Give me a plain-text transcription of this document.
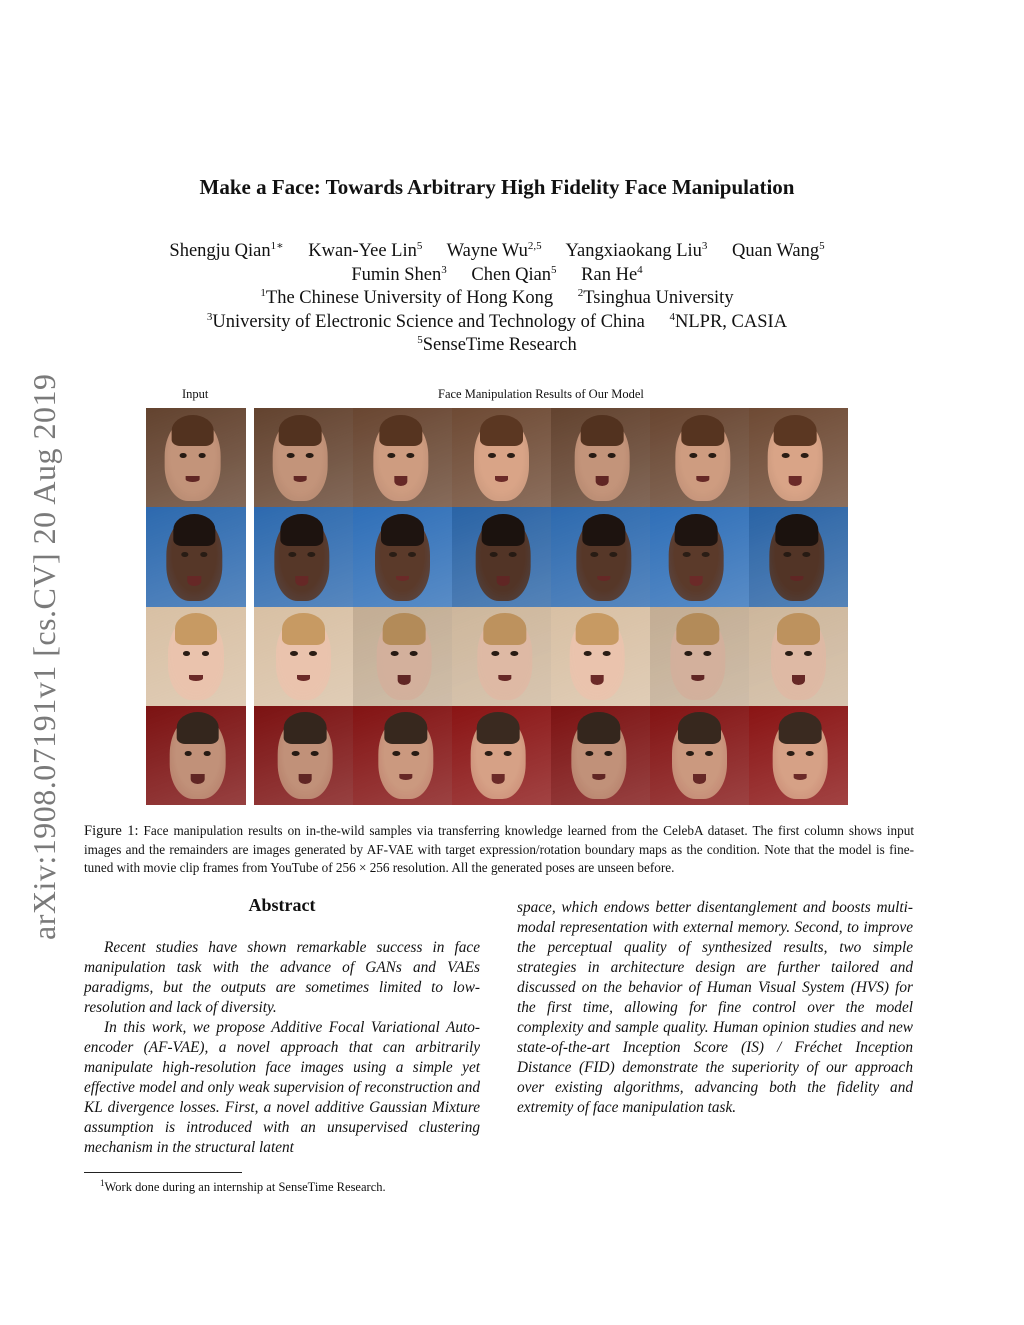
arXiv:1908.07191v1 [cs.CV] 20 Aug 2019
Make a Face: Towards Arbitrary High Fidelity Face Manipulation
Shengju Qian$^{1∗}$ Kwan-Yee Lin$^5$ Wayne Wu$^{2,5}$ Yangxiaokang Liu$^3$ Quan Wang$^5$
Fumin Shen$^3$ Chen Qian$^5$ Ran He$^4$
$^1$The Chinese University of Hong Kong $^2$Tsinghua University
$^3$University of Electronic Science and Technology of China $^4$NLPR, CASIA
$^5$SenseTime Research
Input	Face Manipulation Results of Our Model
Figure 1: Face manipulation results on in-the-wild samples via transferring knowledge learned from the CelebA dataset. The first column shows input images and the remainders are images generated by AF-VAE with target expression/rotation boundary maps as the condition. Note that the model is fine-tuned with movie clip frames from YouTube of 256 × 256 resolution. All the generated poses are unseen before.
Abstract

Recent studies have shown remarkable success in face manipulation task with the advance of GANs and VAEs paradigms, but the outputs are sometimes limited to low-resolution and lack of diversity.

In this work, we propose Additive Focal Variational Auto-encoder (AF-VAE), a novel approach that can arbitrarily manipulate high-resolution face images using a simple yet effective model and only weak supervision of reconstruction and KL divergence losses. First, a novel additive Gaussian Mixture assumption is introduced with an unsupervised clustering mechanism in the structural latent

space, which endows better disentanglement and boosts multi-modal representation with external memory. Second, to improve the perceptual quality of synthesized results, two simple strategies in architecture design are further tailored and discussed on the behavior of Human Visual System (HVS) for the first time, allowing for fine control over the model complexity and sample quality. Human opinion studies and new state-of-the-art Inception Score (IS) / Fréchet Inception Distance (FID) demonstrate the superiority of our approach over existing algorithms, advancing both the fidelity and extremity of face manipulation task.

$^1$Work done during an internship at SenseTime Research.
